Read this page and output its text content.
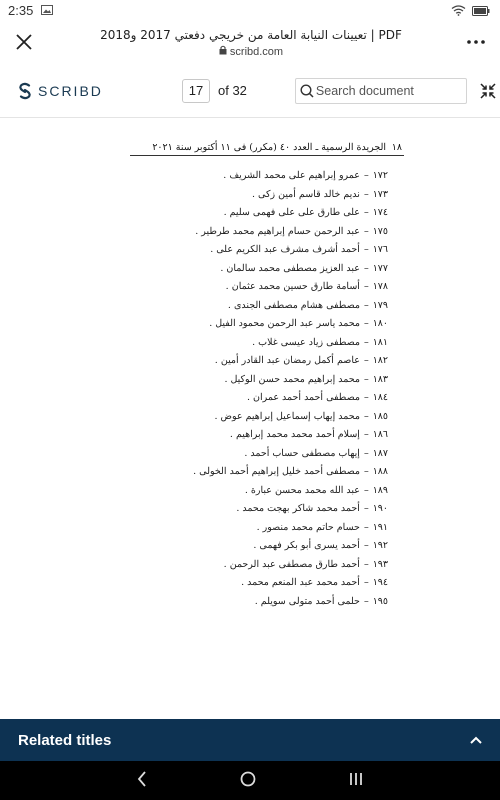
2:35
تعيينات النيابة العامة من خريجي دفعتي 2017 و2018 | PDF
scribd.com
SCRIBD	17	of 32	Search document
١٨
الجريدة الرسمية ـ العدد ٤٠ (مكرر) فى ١١ أكتوبر سنة ٢٠٢١
١٧٢–عمرو إبراهيم على محمد الشريف .
١٧٣–نديم خالد قاسم أمين زكى .
١٧٤–على طارق على على فهمى سليم .
١٧٥–عبد الرحمن حسام إبراهيم محمد طرطير .
١٧٦–أحمد أشرف مشرف عبد الكريم على .
١٧٧–عبد العزيز مصطفى محمد سالمان .
١٧٨–أسامة طارق حسين محمد عثمان .
١٧٩–مصطفى هشام مصطفى الجندى .
١٨٠–محمد ياسر عبد الرحمن محمود الفيل .
١٨١–مصطفى زياد عيسى غلاب .
١٨٢–عاصم أكمل رمضان عبد القادر أمين .
١٨٣–محمد إبراهيم محمد حسن الوكيل .
١٨٤–مصطفى أحمد أحمد عمران .
١٨٥–محمد إيهاب إسماعيل إبراهيم عوض .
١٨٦–إسلام أحمد محمد محمد إبراهيم .
١٨٧–إيهاب مصطفى حساب أحمد .
١٨٨–مصطفى أحمد خليل إبراهيم أحمد الخولى .
١٨٩–عبد الله محمد محسن عبارة .
١٩٠–أحمد محمد شاكر بهجت محمد .
١٩١–حسام حاتم محمد منصور .
١٩٢–أحمد يسرى أبو بكر فهمى .
١٩٣–أحمد طارق مصطفى عبد الرحمن .
١٩٤–أحمد محمد عبد المنعم محمد .
١٩٥–حلمى أحمد متولى سويلم .
Related titles
